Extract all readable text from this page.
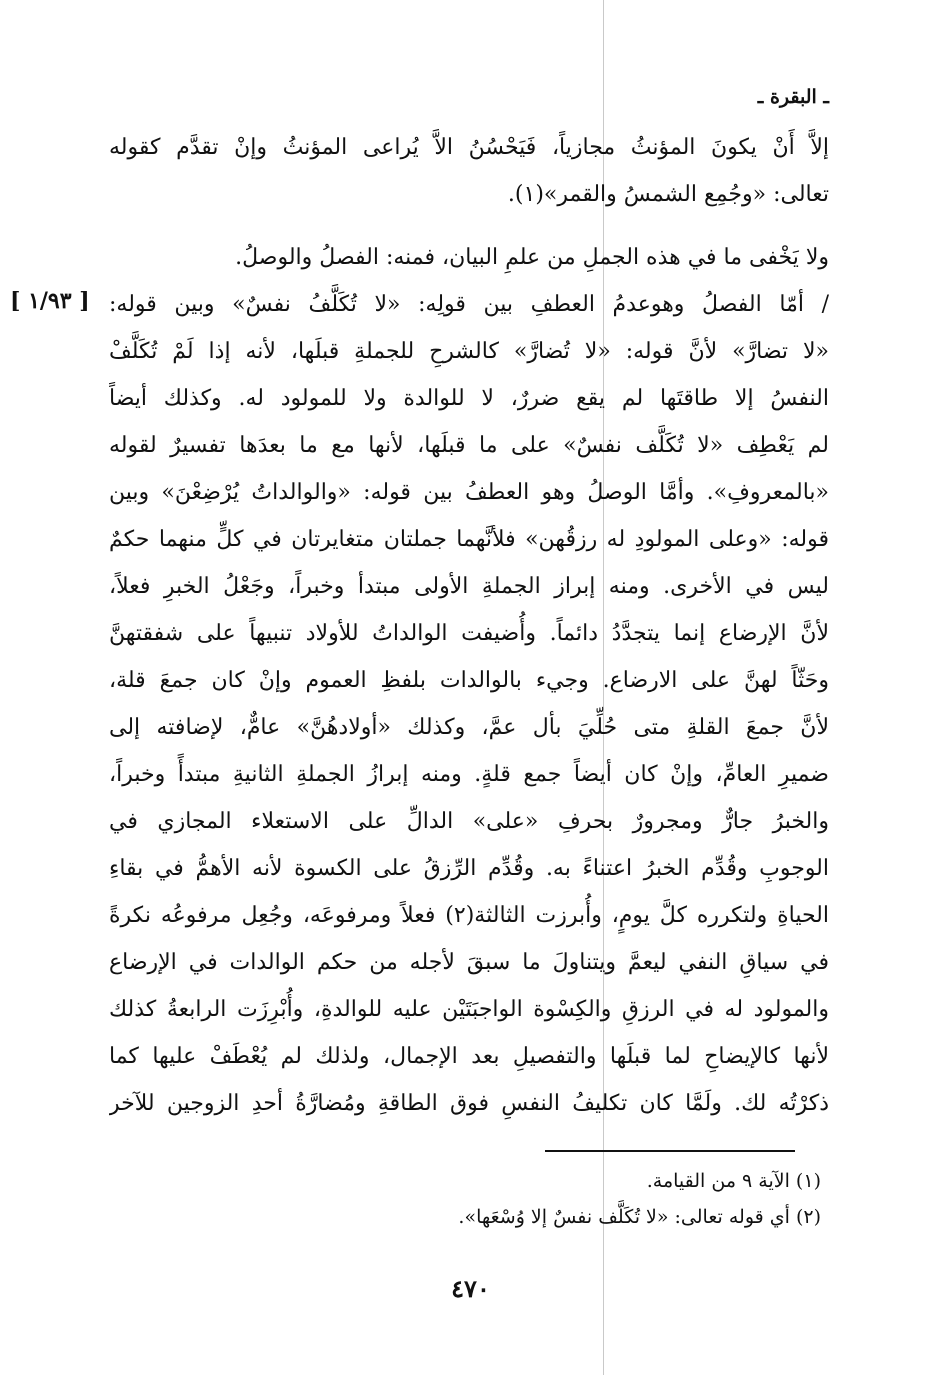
ـ البقرة ـ
[ ١/٩٣ ]
إلاَّ أَنْ يكونَ المؤنثُ مجازياً، فَيَحْسُنُ الاَّ يُراعى المؤنثُ وإنْ تقدَّم كقوله
تعالى: «وجُمِع الشمسُ والقمر»(١).
ولا يَخْفى ما في هذه الجملِ من علمِ البيان، فمنه: الفصلُ والوصلُ.
/ أمّا الفصلُ وهوعدمُ العطفِ بين قولِه: «لا تُكَلَّفُ نفسٌ» وبين قوله:
«لا تضارَّ» لأنَّ قوله: «لا تُضارَّ» كالشرحِ للجملةِ قبلَها، لأنه إذا لَمْ تُكَلَّفْ
النفسُ إلا طاقتَها لم يقع ضررٌ، لا للوالدة ولا للمولود له. وكذلك أيضاً
لم يَعْطِف «لا تُكَلَّف نفسٌ» على ما قبلَها، لأنها مع ما بعدَها تفسيرٌ لقوله
«بالمعروفِ». وأمَّا الوصلُ وهو العطفُ بين قوله: «والوالداتُ يُرْضِعْنَ» وبين
قوله: «وعلى المولودِ له رزقُهن» فلأنَّهما جملتان متغايرتان في كلٍّ منهما حكمٌ
ليس في الأخرى. ومنه إبراز الجملةِ الأولى مبتدأ وخبراً، وجَعْلُ الخبرِ فعلاً،
لأنَّ الإرضاع إنما يتجدَّدُ دائماً. وأُضيفت الوالداتُ للأولاد تنبيهاً على شفقتهنَّ
وحَثّاً لهنَّ على الارضاع. وجيء بالوالدات بلفظِ العموم وإنْ كان جمعَ قلة،
لأنَّ جمعَ القلةِ متى حُلِّيَ بأل عمَّ، وكذلك «أولادهُنَّ» عامٌّ، لإضافته إلى
ضميرِ العامِّ، وإنْ كان أيضاً جمع قلةٍ. ومنه إبرازُ الجملةِ الثانيةِ مبتدأً وخبراً،
والخبرُ جارٌّ ومجرورٌ بحرفِ «على» الدالِّ على الاستعلاء المجازي في
الوجوبِ وقُدِّم الخبرُ اعتناءً به. وقُدِّم الرِّزقُ على الكسوة لأنه الأهمُّ في بقاءِ
الحياةِ ولتكرره كلَّ يومٍ، وأُبرزت الثالثة(٢) فعلاً ومرفوعَه، وجُعِل مرفوعُه نكرةً
في سياقِ النفي ليعمَّ ويتناولَ ما سبقَ لأجله من حكم الوالدات في الإرضاع
والمولود له في الرزقِ والكِسْوة الواجبَتَيْن عليه للوالدةِ، وأُبْرِزَت الرابعةُ كذلك
لأنها كالإيضاحِ لما قبلَها والتفصيلِ بعد الإجمال، ولذلك لم يُعْطَفْ عليها كما
ذكرْتُه لك. ولَمَّا كان تكليفُ النفسِ فوق الطاقةِ ومُضارَّةُ أحدِ الزوجين للآخر
(١) الآية ٩ من القيامة.
(٢) أي قوله تعالى: «لا تُكَلَّف نفسٌ إلا وُسْعَها».
٤٧٠
